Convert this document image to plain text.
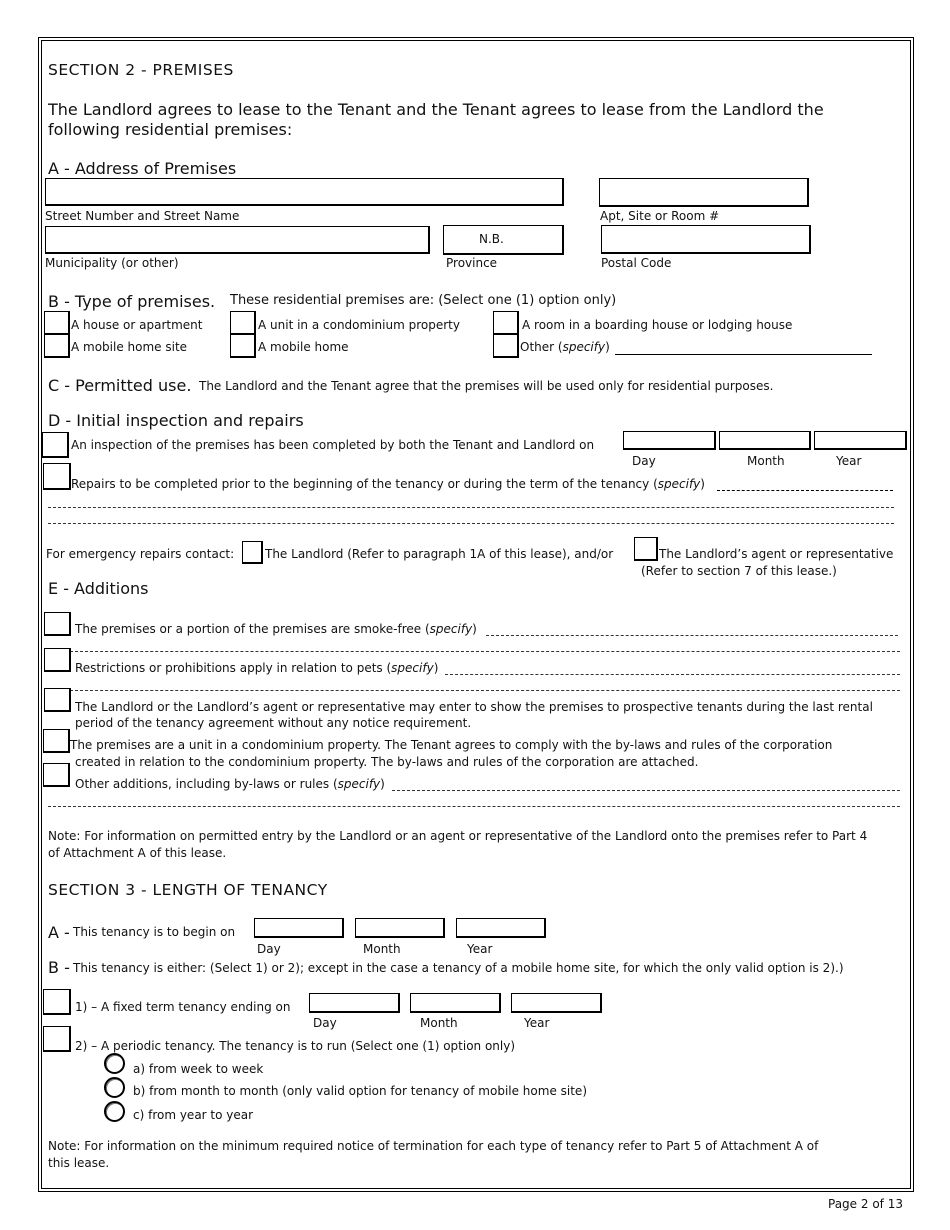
SECTION 2 - PREMISES
The Landlord agrees to lease to the Tenant and the Tenant agrees to lease from the Landlord the
following residential premises:
A - Address of Premises
Street Number and Street Name	Apt, Site or Room #
N.B.
Municipality (or other)	Province	Postal Code
B - Type of premises. These residential premises are: (Select one (1) option only)
A house or apartment	A unit in a condominium property	A room in a boarding house or lodging house
A mobile home site	A mobile home	Other (specify)
C - Permitted use. The Landlord and the Tenant agree that the premises will be used only for residential purposes.
D - Initial inspection and repairs
An inspection of the premises has been completed by both the Tenant and Landlord on
Day	Month	Year
Repairs to be completed prior to the beginning of the tenancy or during the term of the tenancy (specify)
For emergency repairs contact:	The Landlord (Refer to paragraph 1A of this lease), and/or	The Landlord’s agent or representative
(Refer to section 7 of this lease.)
E - Additions
The premises or a portion of the premises are smoke-free (specify)
Restrictions or prohibitions apply in relation to pets (specify)
The Landlord or the Landlord’s agent or representative may enter to show the premises to prospective tenants during the last rental
period of the tenancy agreement without any notice requirement.
The premises are a unit in a condominium property. The Tenant agrees to comply with the by-laws and rules of the corporation
created in relation to the condominium property. The by-laws and rules of the corporation are attached.
Other additions, including by-laws or rules (specify)
Note: For information on permitted entry by the Landlord or an agent or representative of the Landlord onto the premises refer to Part 4
of Attachment A of this lease.
SECTION 3 - LENGTH OF TENANCY
A - This tenancy is to begin on
Day	Month	Year
B - This tenancy is either: (Select 1) or 2); except in the case a tenancy of a mobile home site, for which the only valid option is 2).)
1) – A fixed term tenancy ending on
Day	Month	Year
2) – A periodic tenancy. The tenancy is to run (Select one (1) option only)
a) from week to week
b) from month to month (only valid option for tenancy of mobile home site)
c) from year to year
Note: For information on the minimum required notice of termination for each type of tenancy refer to Part 5 of Attachment A of
this lease.
Page 2 of 13
